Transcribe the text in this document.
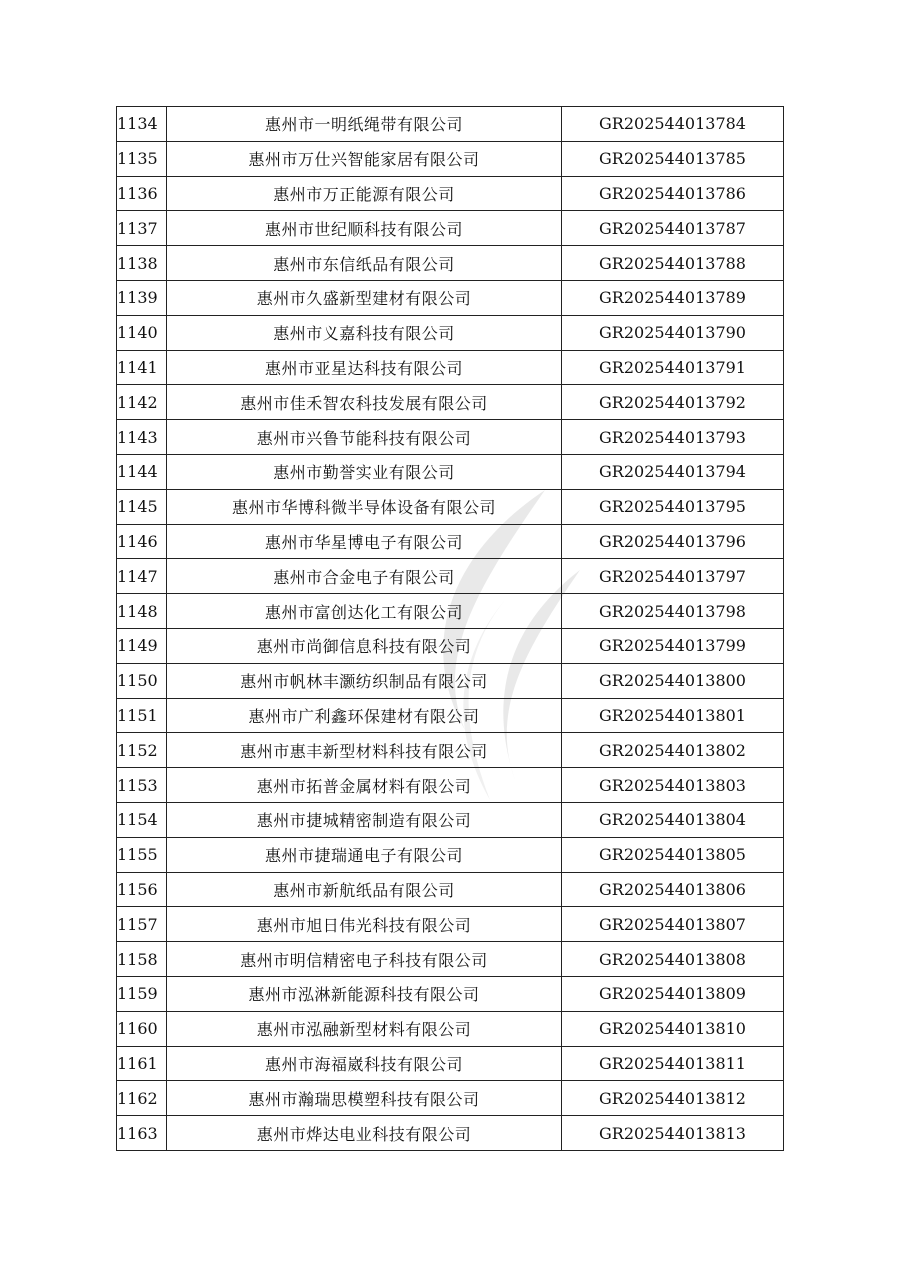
1134	惠州市一明纸绳带有限公司	GR202544013784
1135	惠州市万仕兴智能家居有限公司	GR202544013785
1136	惠州市万正能源有限公司	GR202544013786
1137	惠州市世纪顺科技有限公司	GR202544013787
1138	惠州市东信纸品有限公司	GR202544013788
1139	惠州市久盛新型建材有限公司	GR202544013789
1140	惠州市义嘉科技有限公司	GR202544013790
1141	惠州市亚星达科技有限公司	GR202544013791
1142	惠州市佳禾智农科技发展有限公司	GR202544013792
1143	惠州市兴鲁节能科技有限公司	GR202544013793
1144	惠州市勤誉实业有限公司	GR202544013794
1145	惠州市华博科微半导体设备有限公司	GR202544013795
1146	惠州市华星博电子有限公司	GR202544013796
1147	惠州市合金电子有限公司	GR202544013797
1148	惠州市富创达化工有限公司	GR202544013798
1149	惠州市尚御信息科技有限公司	GR202544013799
1150	惠州市帆林丰灏纺织制品有限公司	GR202544013800
1151	惠州市广利鑫环保建材有限公司	GR202544013801
1152	惠州市惠丰新型材料科技有限公司	GR202544013802
1153	惠州市拓普金属材料有限公司	GR202544013803
1154	惠州市捷城精密制造有限公司	GR202544013804
1155	惠州市捷瑞通电子有限公司	GR202544013805
1156	惠州市新航纸品有限公司	GR202544013806
1157	惠州市旭日伟光科技有限公司	GR202544013807
1158	惠州市明信精密电子科技有限公司	GR202544013808
1159	惠州市泓淋新能源科技有限公司	GR202544013809
1160	惠州市泓融新型材料有限公司	GR202544013810
1161	惠州市海福崴科技有限公司	GR202544013811
1162	惠州市瀚瑞思模塑科技有限公司	GR202544013812
1163	惠州市烨达电业科技有限公司	GR202544013813
